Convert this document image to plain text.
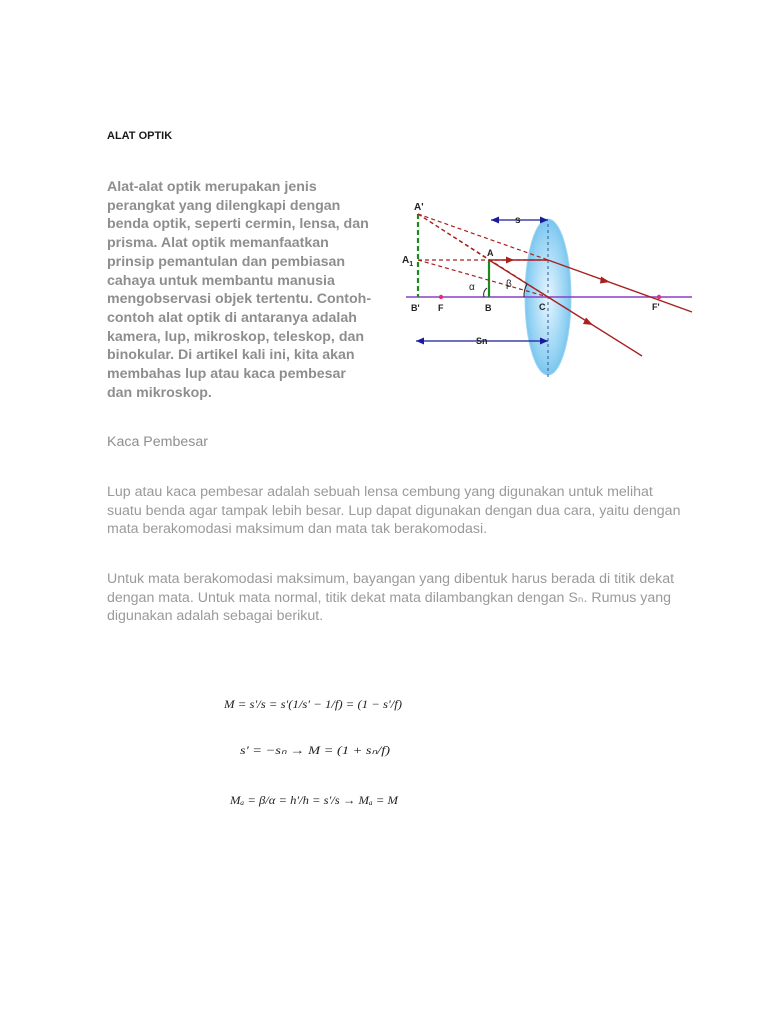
ALAT OPTIK

Alat-alat optik merupakan jenis perangkat yang dilengkapi dengan benda optik, seperti cermin, lensa, dan prisma. Alat optik memanfaatkan prinsip pemantulan dan pembiasan cahaya untuk membantu manusia mengobservasi objek tertentu. Contoh-contoh alat optik di antaranya adalah kamera, lup, mikroskop, teleskop, dan binokular. Di artikel kali ini, kita akan membahas lup atau kaca pembesar dan mikroskop.

A'
$A_1$
A
α	β
B' F	B	C	F'
s
Sn
Kaca Pembesar

Lup atau kaca pembesar adalah sebuah lensa cembung yang digunakan untuk melihat suatu benda agar tampak lebih besar. Lup dapat digunakan dengan dua cara, yaitu dengan mata berakomodasi maksimum dan mata tak berakomodasi.

Untuk mata berakomodasi maksimum, bayangan yang dibentuk harus berada di titik dekat dengan mata. Untuk mata normal, titik dekat mata dilambangkan dengan Sₙ. Rumus yang digunakan adalah sebagai berikut.

M = s'/s = s'(1/s' − 1/f) = (1 − s'/f)
s' = −sₙ → M = (1 + sₙ/f)
Mₐ = β/α = h'/h = s'/s → Mₐ = M
